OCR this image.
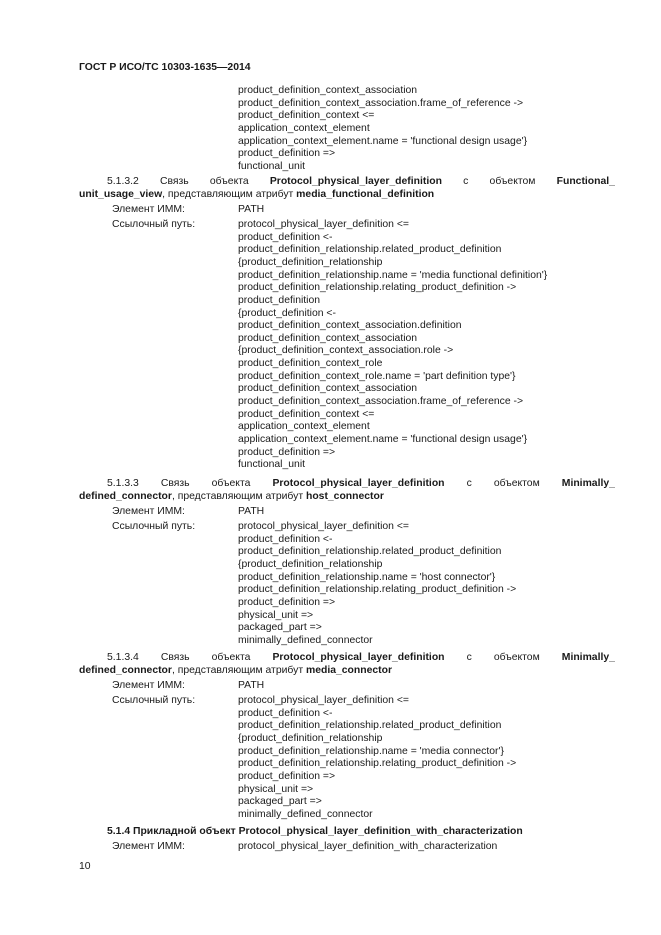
ГОСТ Р ИСО/ТС 10303-1635—2014
product_definition_context_association
product_definition_context_association.frame_of_reference ->
product_definition_context <=
application_context_element
application_context_element.name = 'functional design usage'}
product_definition =>
functional_unit
5.1.3.2 Связь объекта Protocol_physical_layer_definition с объектом Functional_
unit_usage_view, представляющим атрибут media_functional_definition
Элемент ИММ:	PATH
Ссылочный путь:	protocol_physical_layer_definition <=
product_definition <-
product_definition_relationship.related_product_definition
{product_definition_relationship
product_definition_relationship.name = 'media functional definition'}
product_definition_relationship.relating_product_definition ->
product_definition
{product_definition <-
product_definition_context_association.definition
product_definition_context_association
{product_definition_context_association.role ->
product_definition_context_role
product_definition_context_role.name = 'part definition type'}
product_definition_context_association
product_definition_context_association.frame_of_reference ->
product_definition_context <=
application_context_element
application_context_element.name = 'functional design usage'}
product_definition =>
functional_unit
5.1.3.3 Связь объекта Protocol_physical_layer_definition с объектом Minimally_
defined_connector, представляющим атрибут host_connector
Элемент ИММ:	PATH
Ссылочный путь:	protocol_physical_layer_definition <=
product_definition <-
product_definition_relationship.related_product_definition
{product_definition_relationship
product_definition_relationship.name = 'host connector'}
product_definition_relationship.relating_product_definition ->
product_definition =>
physical_unit =>
packaged_part =>
minimally_defined_connector
5.1.3.4 Связь объекта Protocol_physical_layer_definition с объектом Minimally_
defined_connector, представляющим атрибут media_connector
Элемент ИММ:	PATH
Ссылочный путь:	protocol_physical_layer_definition <=
product_definition <-
product_definition_relationship.related_product_definition
{product_definition_relationship
product_definition_relationship.name = 'media connector'}
product_definition_relationship.relating_product_definition ->
product_definition =>
physical_unit =>
packaged_part =>
minimally_defined_connector
5.1.4 Прикладной объект Protocol_physical_layer_definition_with_characterization
Элемент ИММ:	protocol_physical_layer_definition_with_characterization
10
